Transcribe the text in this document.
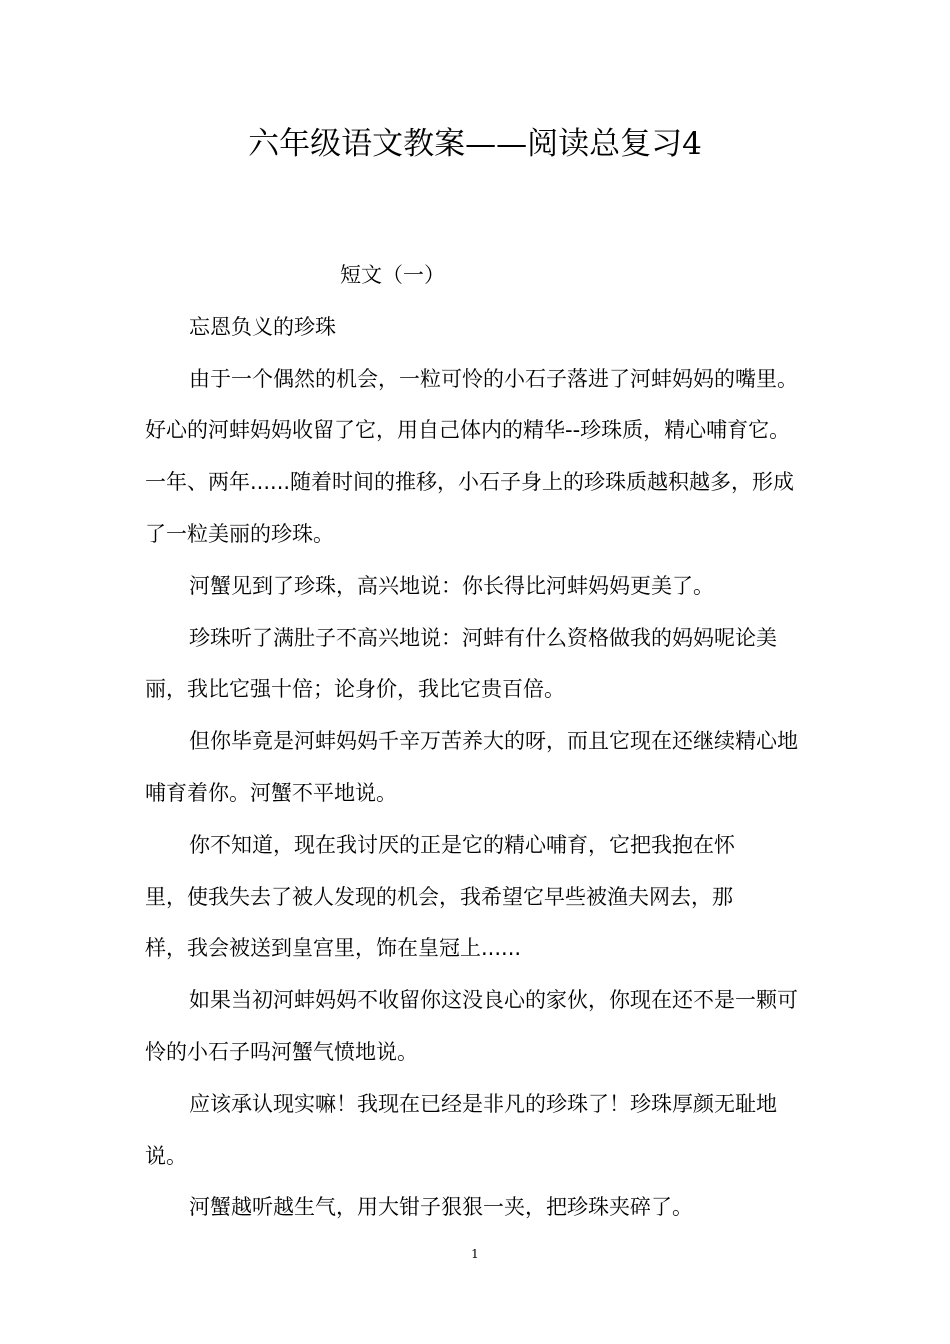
六年级语文教案——阅读总复习4
短文（一）

忘恩负义的珍珠

由于一个偶然的机会，一粒可怜的小石子落进了河蚌妈妈的嘴里。好心的河蚌妈妈收留了它，用自己体内的精华--珍珠质，精心哺育它。一年、两年......随着时间的推移，小石子身上的珍珠质越积越多，形成了一粒美丽的珍珠。

河蟹见到了珍珠，高兴地说：你长得比河蚌妈妈更美了。

珍珠听了满肚子不高兴地说：河蚌有什么资格做我的妈妈呢论美丽，我比它强十倍；论身价，我比它贵百倍。

但你毕竟是河蚌妈妈千辛万苦养大的呀，而且它现在还继续精心地哺育着你。河蟹不平地说。

你不知道，现在我讨厌的正是它的精心哺育，它把我抱在怀
里，使我失去了被人发现的机会，我希望它早些被渔夫网去，那
样，我会被送到皇宫里，饰在皇冠上......

如果当初河蚌妈妈不收留你这没良心的家伙，你现在还不是一颗可怜的小石子吗河蟹气愤地说。

应该承认现实嘛！我现在已经是非凡的珍珠了！珍珠厚颜无耻地说。

河蟹越听越生气，用大钳子狠狠一夹，把珍珠夹碎了。

1
